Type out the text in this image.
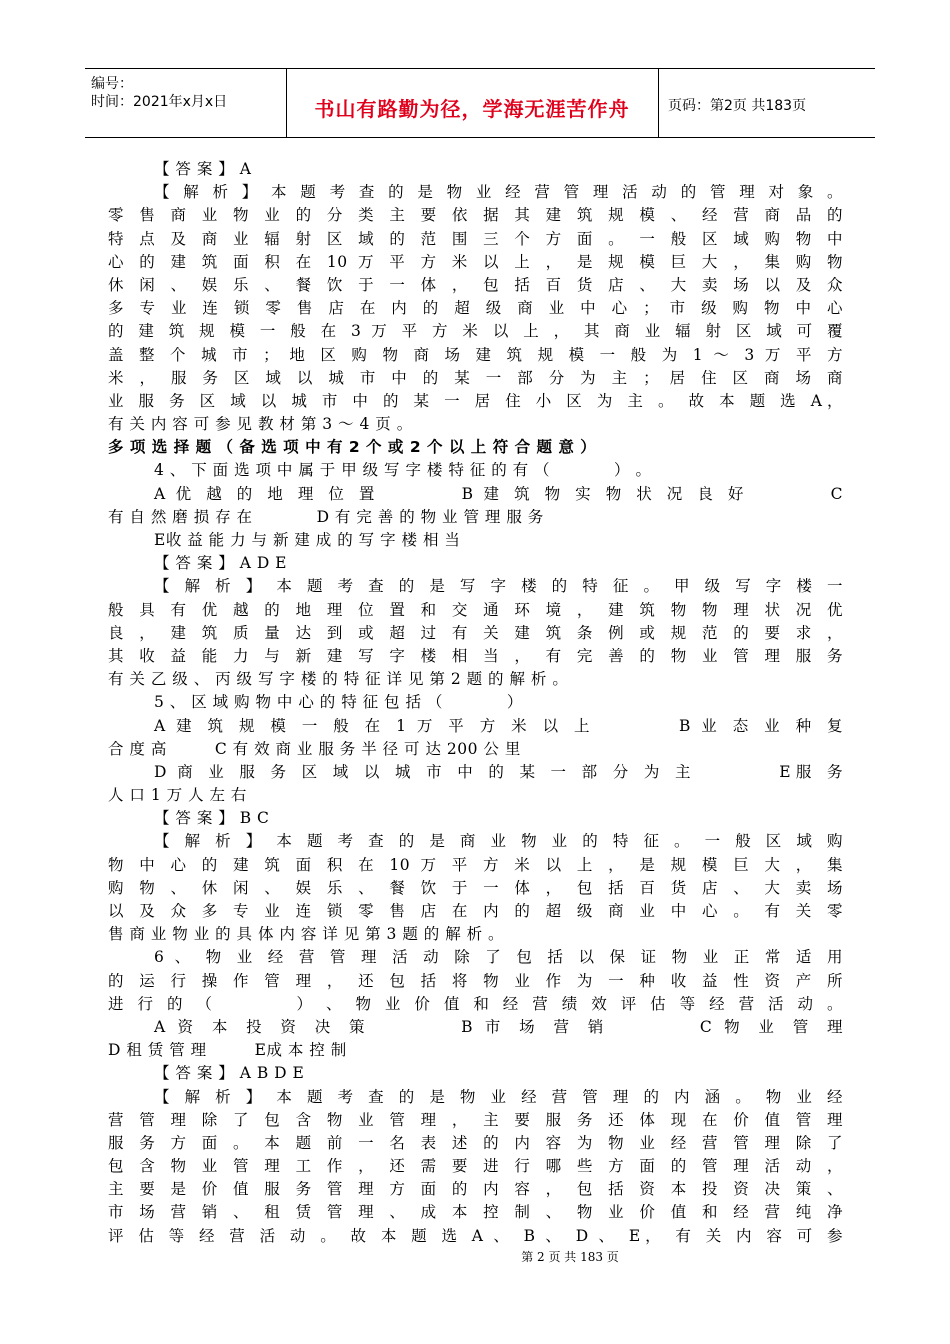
编号：
时间：2021年x月x日	书山有路勤为径，学海无涯苦作舟	页码：第2页 共183页
【 答 案 】 A
【 解 析 】 本 题 考 查 的 是 物 业 经 营 管 理 活 动 的 管 理 对 象 。
零 售 商 业 物 业 的 分 类 主 要 依 据 其 建 筑 规 模 、 经 营 商 品 的
特 点 及 商 业 辐 射 区 域 的 范 围 三 个 方 面 。 一 般 区 域 购 物 中
心 的 建 筑 面 积 在 10 万 平 方 米 以 上 ， 是 规 模 巨 大 ， 集 购 物
休 闲 、 娱 乐 、 餐 饮 于 一 体 ， 包 括 百 货 店 、 大 卖 场 以 及 众
多 专 业 连 锁 零 售 店 在 内 的 超 级 商 业 中 心 ； 市 级 购 物 中 心
的 建 筑 规 模 一 般 在 3 万 平 方 米 以 上 ， 其 商 业 辐 射 区 域 可 覆
盖 整 个 城 市 ； 地 区 购 物 商 场 建 筑 规 模 一 般 为 1 ～ 3 万 平 方
米 ， 服 务 区 域 以 城 市 中 的 某 一 部 分 为 主 ； 居 住 区 商 场 商
业 服 务 区 域 以 城 市 中 的 某 一 居 住 小 区 为 主 。 故 本 题 选 A，
有 关 内 容 可 参 见 教 材 第 3 ～ 4 页 。
多 项 选 择 题 （ 备 选 项 中 有 2 个 或 2 个 以 上 符 合 题 意 ）
4 、 下 面 选 项 中 属 于 甲 级 写 字 楼 特 征 的 有 （　　　　） 。
A 优 越 的 地 理 位 置　　　　B 建 筑 物 实 物 状 况 良 好　　　　C
有 自 然 磨 损 存 在　　　　D 有 完 善 的 物 业 管 理 服 务
E收 益 能 力 与 新 建 成 的 写 字 楼 相 当
【 答 案 】 A D E
【 解 析 】 本 题 考 查 的 是 写 字 楼 的 特 征 。 甲 级 写 字 楼 一
般 具 有 优 越 的 地 理 位 置 和 交 通 环 境 ， 建 筑 物 物 理 状 况 优
良 ， 建 筑 质 量 达 到 或 超 过 有 关 建 筑 条 例 或 规 范 的 要 求 ，
其 收 益 能 力 与 新 建 写 字 楼 相 当 ， 有 完 善 的 物 业 管 理 服 务
有 关 乙 级 、 丙 级 写 字 楼 的 特 征 详 见 第 2 题 的 解 析 。
5 、 区 域 购 物 中 心 的 特 征 包 括 （　　　　）
A 建 筑 规 模 一 般 在 1 万 平 方 米 以 上　　　　B 业 态 业 种 复
合 度 高　　　C 有 效 商 业 服 务 半 径 可 达 200 公 里
D 商 业 服 务 区 域 以 城 市 中 的 某 一 部 分 为 主　　　　E服 务
人 口 1 万 人 左 右
【 答 案 】 B C
【 解 析 】 本 题 考 查 的 是 商 业 物 业 的 特 征 。 一 般 区 域 购
物 中 心 的 建 筑 面 积 在 10 万 平 方 米 以 上 ， 是 规 模 巨 大 ， 集
购 物 、 休 闲 、 娱 乐 、 餐 饮 于 一 体 ， 包 括 百 货 店 、 大 卖 场
以 及 众 多 专 业 连 锁 零 售 店 在 内 的 超 级 商 业 中 心 。 有 关 零
售 商 业 物 业 的 具 体 内 容 详 见 第 3 题 的 解 析 。
6 、 物 业 经 营 管 理 活 动 除 了 包 括 以 保 证 物 业 正 常 适 用
的 运 行 操 作 管 理 ， 还 包 括 将 物 业 作 为 一 种 收 益 性 资 产 所
进 行 的 （　　　　） 、 物 业 价 值 和 经 营 绩 效 评 估 等 经 营 活 动 。
A 资 本 投 资 决 策　　　　B 市 场 营 销　　　　C 物 业 管 理
D 租 赁 管 理　　　E成 本 控 制
【 答 案 】 A B D E
【 解 析 】 本 题 考 查 的 是 物 业 经 营 管 理 的 内 涵 。 物 业 经
营 管 理 除 了 包 含 物 业 管 理 ， 主 要 服 务 还 体 现 在 价 值 管 理
服 务 方 面 。 本 题 前 一 名 表 述 的 内 容 为 物 业 经 营 管 理 除 了
包 含 物 业 管 理 工 作 ， 还 需 要 进 行 哪 些 方 面 的 管 理 活 动 ，
主 要 是 价 值 服 务 管 理 方 面 的 内 容 ， 包 括 资 本 投 资 决 策 、
市 场 营 销 、 租 赁 管 理 、 成 本 控 制 、 物 业 价 值 和 经 营 纯 净
评 估 等 经 营 活 动 。 故 本 题 选 A 、 B 、 D 、 E， 有 关 内 容 可 参
第 2 页 共 183 页
